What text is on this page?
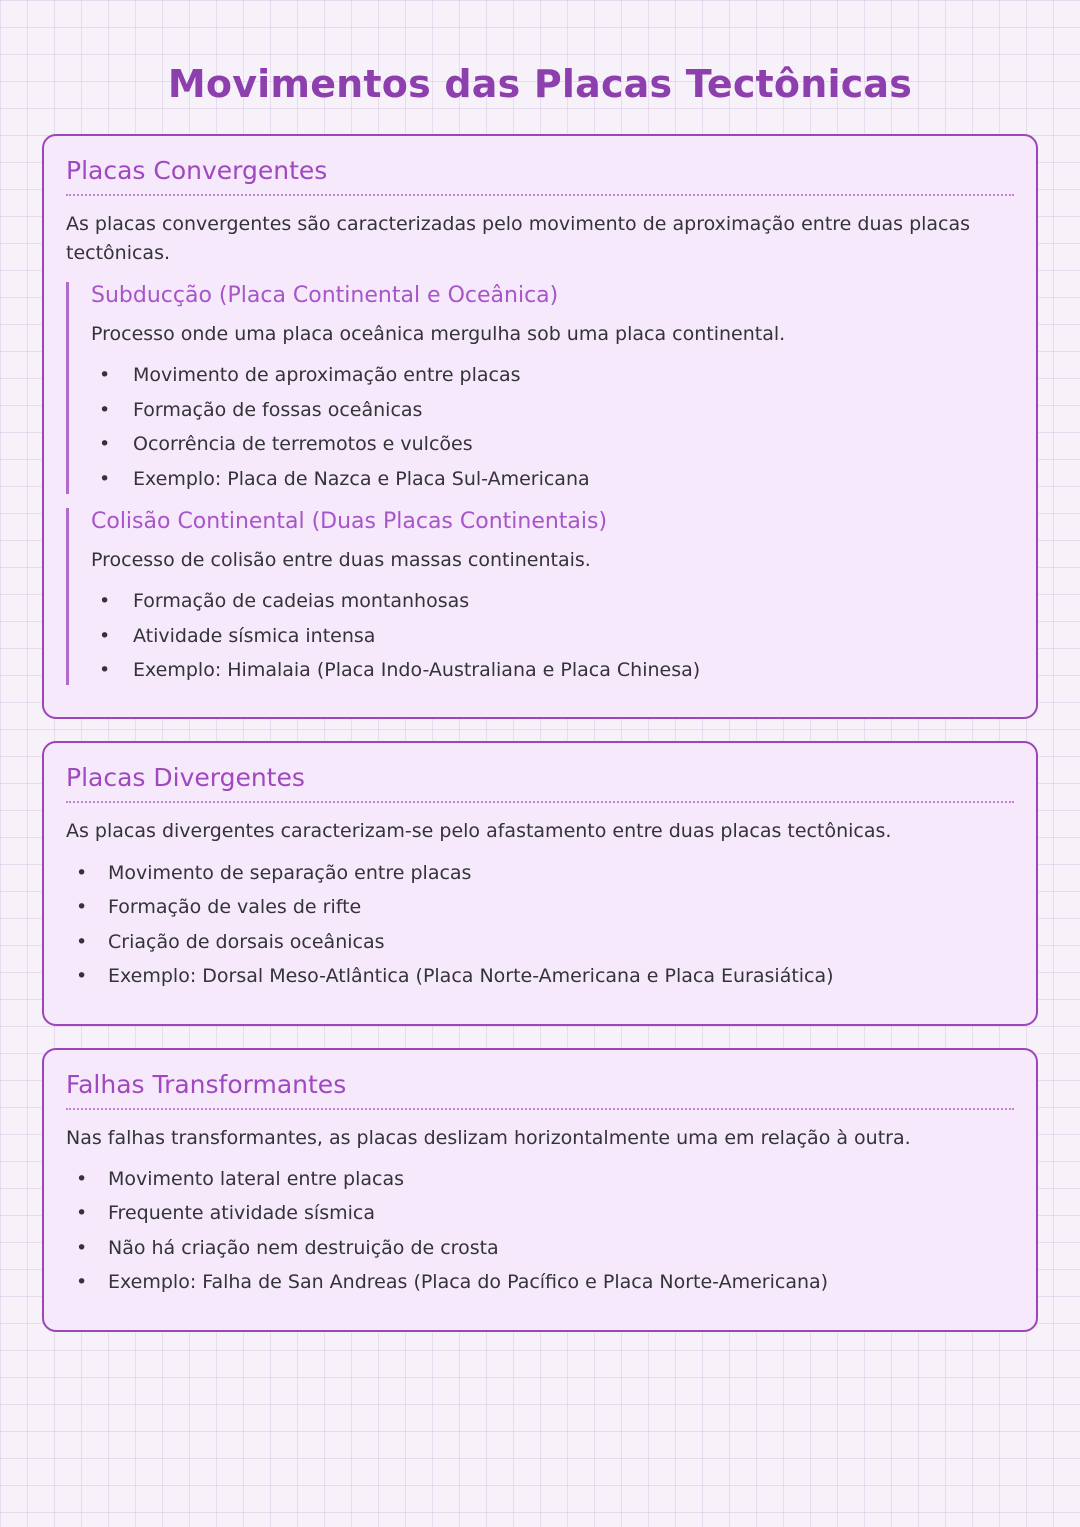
Movimentos das Placas Tectônicas
Placas Convergentes

As placas convergentes são caracterizadas pelo movimento de aproximação entre duas placas tectônicas.

Subducção (Placa Continental e Oceânica)

Processo onde uma placa oceânica mergulha sob uma placa continental.

• Movimento de aproximação entre placas
• Formação de fossas oceânicas
• Ocorrência de terremotos e vulcões
• Exemplo: Placa de Nazca e Placa Sul-Americana
Colisão Continental (Duas Placas Continentais)

Processo de colisão entre duas massas continentais.

• Formação de cadeias montanhosas
• Atividade sísmica intensa
• Exemplo: Himalaia (Placa Indo-Australiana e Placa Chinesa)
Placas Divergentes

As placas divergentes caracterizam-se pelo afastamento entre duas placas tectônicas.

• Movimento de separação entre placas
• Formação de vales de rifte
• Criação de dorsais oceânicas
• Exemplo: Dorsal Meso-Atlântica (Placa Norte-Americana e Placa Eurasiática)
Falhas Transformantes

Nas falhas transformantes, as placas deslizam horizontalmente uma em relação à outra.

• Movimento lateral entre placas
• Frequente atividade sísmica
• Não há criação nem destruição de crosta
• Exemplo: Falha de San Andreas (Placa do Pacífico e Placa Norte-Americana)
